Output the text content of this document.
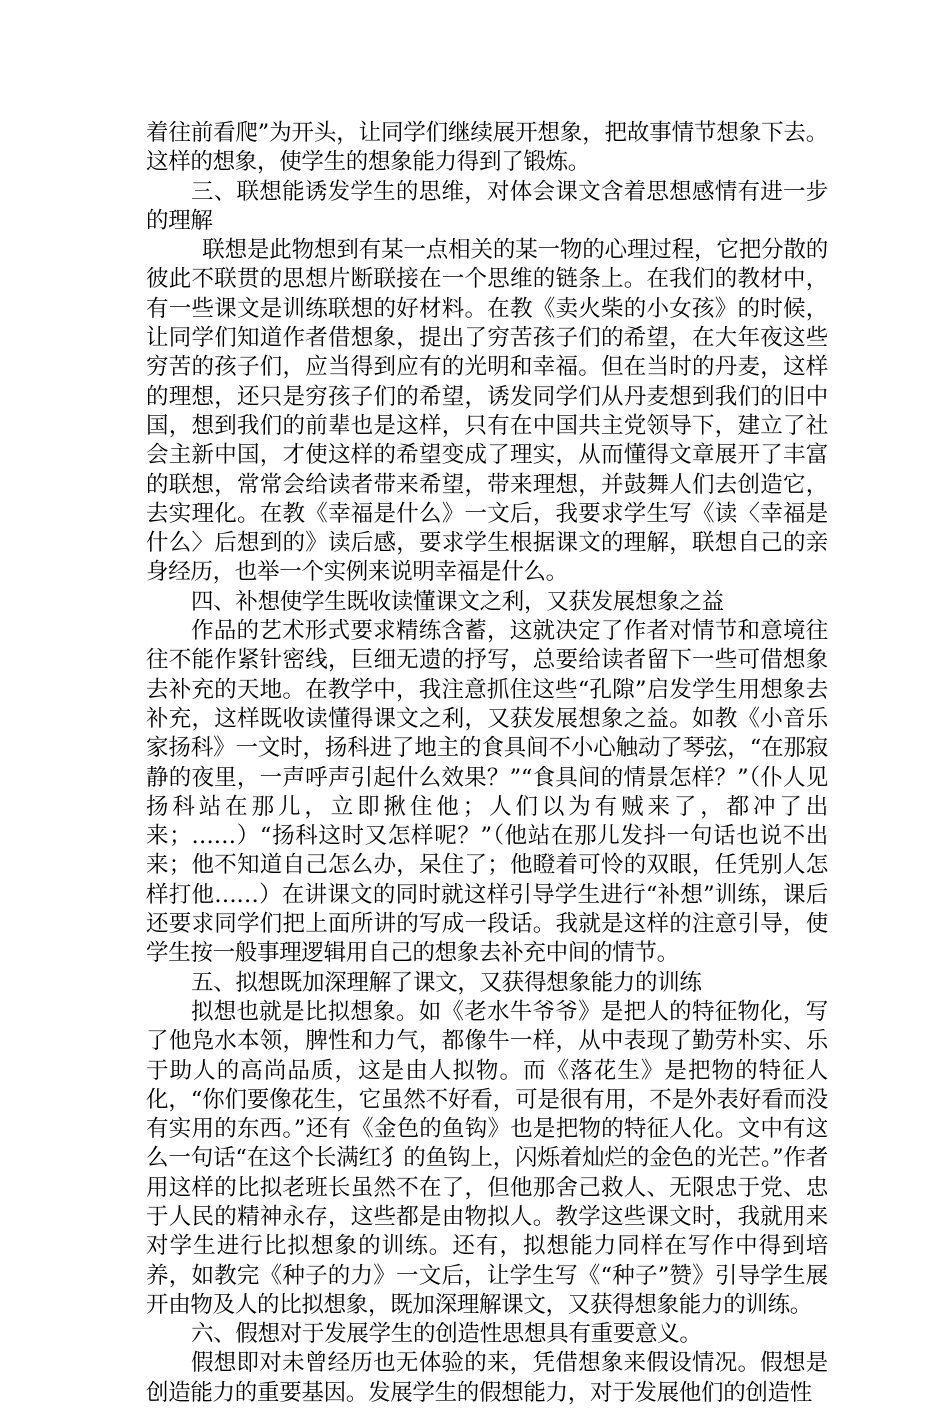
着往前看爬”为开头，让同学们继续展开想象，把故事情节想象下去。这样的想象，使学生的想象能力得到了锻炼。

三、联想能诱发学生的思维，对体会课文含着思想感情有进一步的理解

联想是此物想到有某一点相关的某一物的心理过程，它把分散的彼此不联贯的思想片断联接在一个思维的链条上。在我们的教材中，有一些课文是训练联想的好材料。在教《卖火柴的小女孩》的时候，让同学们知道作者借想象，提出了穷苦孩子们的希望，在大年夜这些穷苦的孩子们，应当得到应有的光明和幸福。但在当时的丹麦，这样的理想，还只是穷孩子们的希望，诱发同学们从丹麦想到我们的旧中国，想到我们的前辈也是这样，只有在中国共主党领导下，建立了社会主新中国，才使这样的希望变成了理实，从而懂得文章展开了丰富的联想，常常会给读者带来希望，带来理想，并鼓舞人们去创造它，去实理化。在教《幸福是什么》一文后，我要求学生写《读〈幸福是什么〉后想到的》读后感，要求学生根据课文的理解，联想自己的亲身经历，也举一个实例来说明幸福是什么。

四、补想使学生既收读懂课文之利，又获发展想象之益

作品的艺术形式要求精练含蓄，这就决定了作者对情节和意境往往不能作紧针密线，巨细无遗的抒写，总要给读者留下一些可借想象去补充的天地。在教学中，我注意抓住这些“孔隙”启发学生用想象去补充，这样既收读懂得课文之利，又获发展想象之益。如教《小音乐家扬科》一文时，扬科进了地主的食具间不小心触动了琴弦，“在那寂静的夜里，一声呼声引起什么效果？”“食具间的情景怎样？”（仆人见扬科站在那儿，立即揪住他；人们以为有贼来了，都冲了出来；……）“扬科这时又怎样呢？”（他站在那儿发抖一句话也说不出来；他不知道自己怎么办，呆住了；他瞪着可怜的双眼，任凭别人怎样打他……）在讲课文的同时就这样引导学生进行“补想”训练，课后还要求同学们把上面所讲的写成一段话。我就是这样的注意引导，使学生按一般事理逻辑用自己的想象去补充中间的情节。

五、拟想既加深理解了课文，又获得想象能力的训练

拟想也就是比拟想象。如《老水牛爷爷》是把人的特征物化，写了他凫水本领，脾性和力气，都像牛一样，从中表现了勤劳朴实、乐于助人的高尚品质，这是由人拟物。而《落花生》是把物的特征人化，“你们要像花生，它虽然不好看，可是很有用，不是外表好看而没有实用的东西。”还有《金色的鱼钩》也是把物的特征人化。文中有这么一句话“在这个长满红犭的鱼钩上，闪烁着灿烂的金色的光芒。”作者用这样的比拟老班长虽然不在了，但他那舍己救人、无限忠于党、忠于人民的精神永存，这些都是由物拟人。教学这些课文时，我就用来对学生进行比拟想象的训练。还有，拟想能力同样在写作中得到培养，如教完《种子的力》一文后，让学生写《“种子”赞》引导学生展开由物及人的比拟想象，既加深理解课文，又获得想象能力的训练。

六、假想对于发展学生的创造性思想具有重要意义。

假想即对未曾经历也无体验的来，凭借想象来假设情况。假想是创造能力的重要基因。发展学生的假想能力，对于发展他们的创造性
